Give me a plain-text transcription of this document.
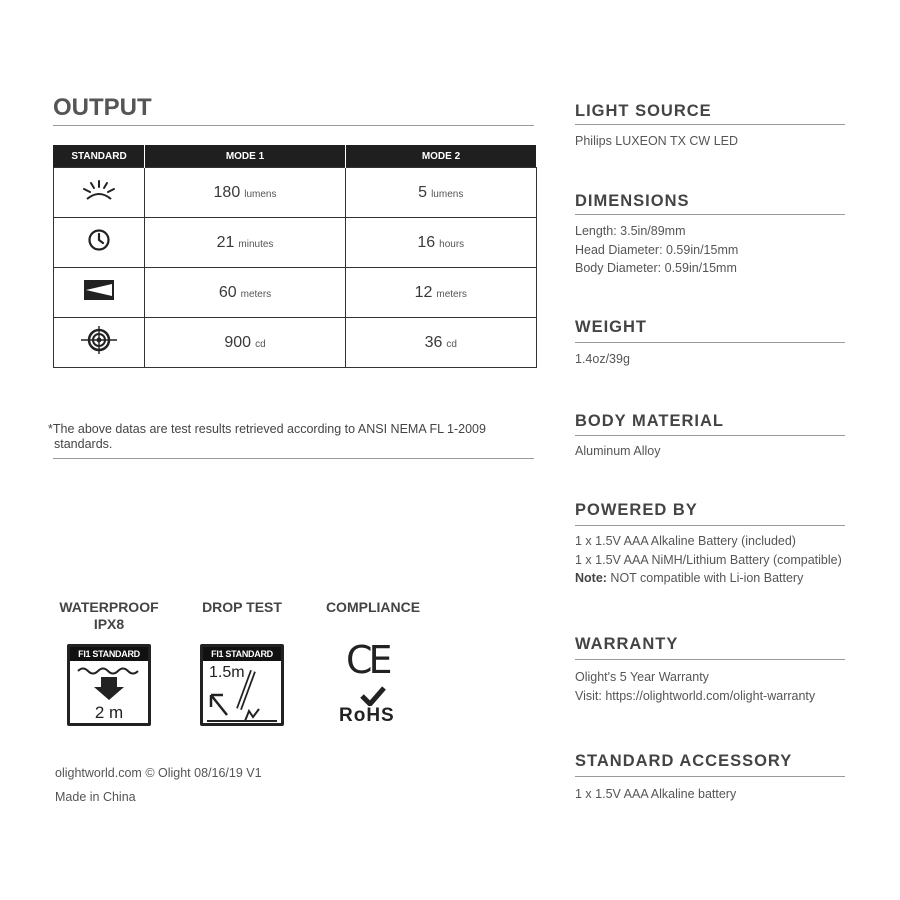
OUTPUT
STANDARD	MODE 1	MODE 2
	180 lumens	5 lumens
	21 minutes	16 hours
	60 meters	12 meters
	900 cd	36 cd
*The above datas are test results retrieved according to ANSI NEMA FL 1-2009
standards.
WATERPROOF
IPX8
DROP TEST	COMPLIANCE
FI1 STANDARD
2 m
FI1 STANDARD
1.5m	CE
RoHS
olightworld.com © Olight 08/16/19 V1
Made in China
LIGHT SOURCE
Philips LUXEON TX CW LED
DIMENSIONS
Length: 3.5in/89mm
Head Diameter: 0.59in/15mm
Body Diameter: 0.59in/15mm
WEIGHT
1.4oz/39g
BODY MATERIAL
Aluminum Alloy
POWERED BY
1 x 1.5V AAA Alkaline Battery (included)
1 x 1.5V AAA NiMH/Lithium Battery (compatible)
Note: NOT compatible with Li-ion Battery
WARRANTY
Olight's 5 Year Warranty
Visit: https://olightworld.com/olight-warranty
STANDARD ACCESSORY
1 x 1.5V AAA Alkaline battery
